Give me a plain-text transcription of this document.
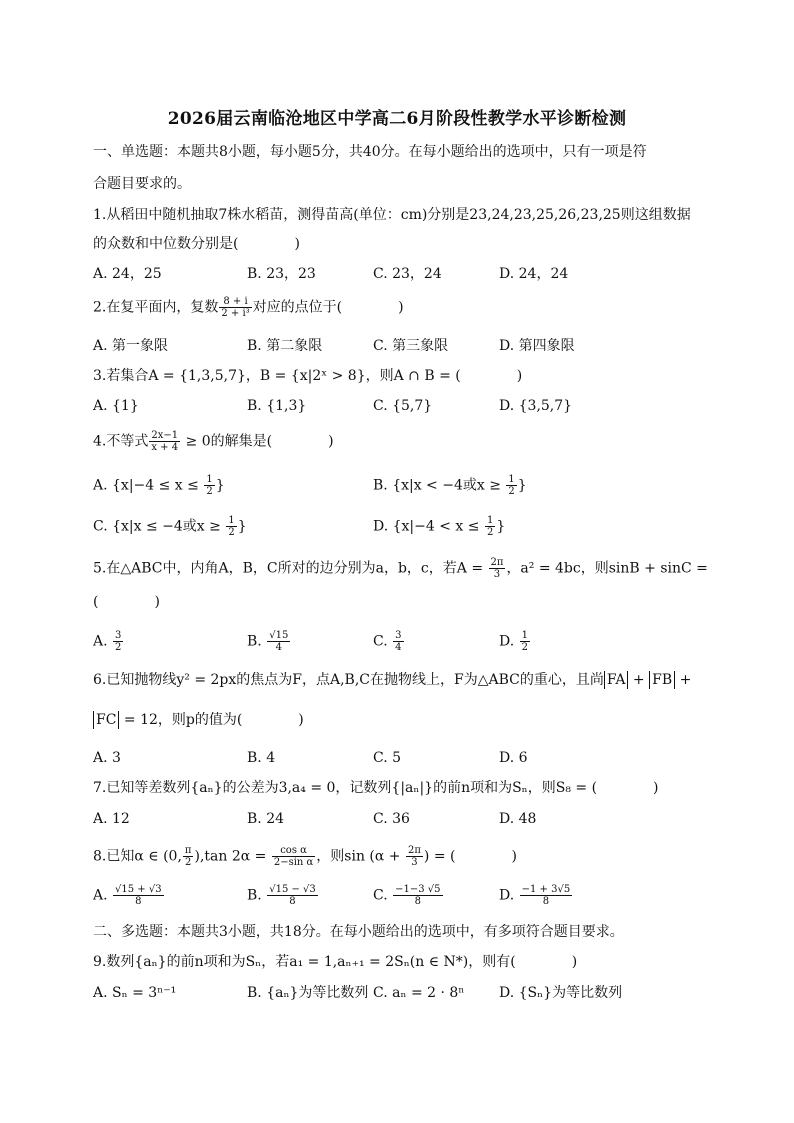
2026届云南临沧地区中学高二6月阶段性教学水平诊断检测
一、单选题：本题共8小题，每小题5分，共40分。在每小题给出的选项中，只有一项是符
合题目要求的。
1.从稻田中随机抽取7株水稻苗，测得苗高(单位：cm)分别是23,24,23,25,26,23,25则这组数据
的众数和中位数分别是(　　　　)
A. 24，25	B. 23，23	C. 23，24	D. 24，24
2.在复平面内，复数 $\frac{8 + i}{\text{2 + i³}}$ 对应的点位于(　　　　)
A. 第一象限	B. 第二象限	C. 第三象限	D. 第四象限
3.若集合A = {1,3,5,7}，B = {x|2ˣ > 8}，则A ∩ B = (　　　　)
A. {1}	B. {1,3}	C. {5,7}	D. {3,5,7}
4.不等式 $\frac{2x-1}{x + 4} \ge 0$的解集是(　　　　)
A. {$x|-4 \le x \le \frac{1}{2}$ }	B. {x|x < −4或$x \ge \frac{1}{2}$ }
C. {x|x ≤ −4或$x \ge \frac{1}{2}$ }	D. {$x|-4 < x \le \frac{1}{2}$ }
5.在△ABC中，内角A，B，C所对的边分别为a，b，c，若$A = \frac{2\pi}{3}$ ，a² = 4bc，则sinB + sinC =
(　　　　)
A. $\frac{3}{2}$	B. $\frac{√15}{4}$	C. $\frac{3}{4}$	D. $\frac{1}{2}$
6.已知抛物线y² = 2px的焦点为F，点A,B,C在抛物线上，F为△ABC的重心，且尚 FA + FB +
FC = 12，则p的值为(　　　　)
A. 3	B. 4	C. 5	D. 6
7.已知等差数列{aₙ}的公差为3,a₄ = 0，记数列{|aₙ|}的前n项和为Sₙ，则S₈ = (　　　　)
A. 12	B. 24	C. 36	D. 48
8.已知α ∈ (0, $\frac{\pi}{2} ),\tan$ $2\alpha = \frac{\text{cos α}}{\text{2−sin α}}$ ，则$\sin (\alpha + \frac{2\pi}{3}$ ) = (　　　　)
A. $\frac{√15 + √3}{8}$	B. $\frac{√15 - √3}{8}$	C. $\frac{-1-3 √5}{8}$	D. $\frac{-1 + 3√5}{8}$
二、多选题：本题共3小题，共18分。在每小题给出的选项中，有多项符合题目要求。
9.数列{aₙ}的前n项和为Sₙ，若a₁ = 1,aₙ₊₁ = 2Sₙ(n ∈ N*)，则有(　　　　)
A. Sₙ = 3ⁿ⁻¹	B. {aₙ}为等比数列 C. aₙ = 2 · 8ⁿ D. {Sₙ}为等比数列
